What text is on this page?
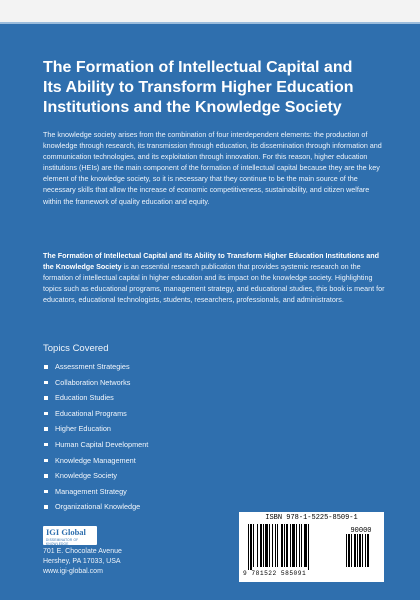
The Formation of Intellectual Capital and
Its Ability to Transform Higher Education
Institutions and the Knowledge Society

The knowledge society arises from the combination of four interdependent elements: the production of knowledge through research, its transmission through education, its dissemination through information and communication technologies, and its exploitation through innovation. For this reason, higher education institutions (HEIs) are the main component of the formation of intellectual capital because they are the key element of the knowledge society, so it is necessary that they continue to be the main source of the necessary skills that allow the increase of economic competitiveness, sustainability, and citizen welfare within the framework of quality education and equity.

The Formation of Intellectual Capital and Its Ability to Transform Higher Education Institutions and the Knowledge Society is an essential research publication that provides systemic research on the formation of intellectual capital in higher education and its impact on the knowledge society. Highlighting topics such as educational programs, management strategy, and educational studies, this book is meant for educators, educational technologists, students, researchers, professionals, and administrators.

Topics Covered
Assessment Strategies
Collaboration Networks
Education Studies
Educational Programs
Higher Education
Human Capital Development
Knowledge Management
Knowledge Society
Management Strategy
Organizational Knowledge
IGI Global
DISSEMINATOR OF KNOWLEDGE
701 E. Chocolate Avenue
Hershey, PA 17033, USA
www.igi-global.com
ISBN 978-1-5225-8509-1
90000
9 781522 585091
